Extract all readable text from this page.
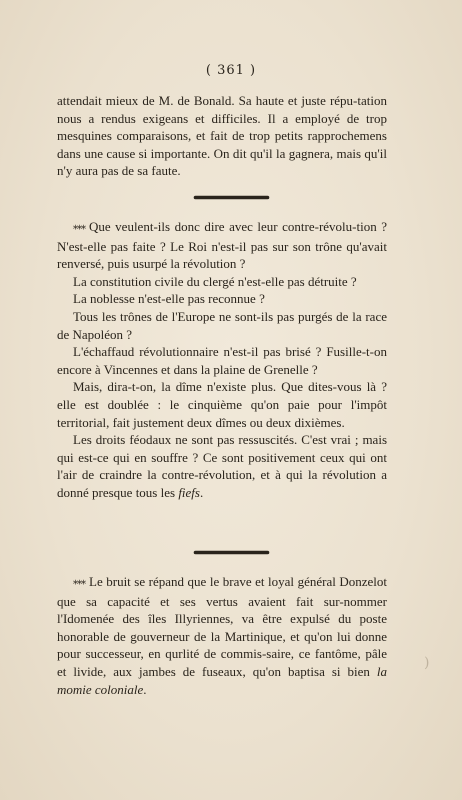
( 361 )

attendait mieux de M. de Bonald. Sa haute et juste répu-tation nous a rendus exigeans et difficiles. Il a employé de trop mesquines comparaisons, et fait de trop petits rapprochemens dans une cause si importante. On dit qu'il la gagnera, mais qu'il n'y aura pas de sa faute.

⁎⁎⁎ Que veulent-ils donc dire avec leur contre-révolu-tion ? N'est-elle pas faite ? Le Roi n'est-il pas sur son trône qu'avait renversé, puis usurpé la révolution ?

La constitution civile du clergé n'est-elle pas détruite ?

La noblesse n'est-elle pas reconnue ?

Tous les trônes de l'Europe ne sont-ils pas purgés de la race de Napoléon ?

L'échaffaud révolutionnaire n'est-il pas brisé ? Fusille-t-on encore à Vincennes et dans la plaine de Grenelle ?

Mais, dira-t-on, la dîme n'existe plus. Que dites-vous là ? elle est doublée : le cinquième qu'on paie pour l'impôt territorial, fait justement deux dîmes ou deux dixièmes.

Les droits féodaux ne sont pas ressuscités. C'est vrai ; mais qui est-ce qui en souffre ? Ce sont positivement ceux qui ont l'air de craindre la contre-révolution, et à qui la révolution a donné presque tous les fiefs.

⁎⁎⁎ Le bruit se répand que le brave et loyal général Donzelot que sa capacité et ses vertus avaient fait sur-nommer l'Idomenée des îles Illyriennes, va être expulsé du poste honorable de gouverneur de la Martinique, et qu'on lui donne pour successeur, en qurlité de commis-saire, ce fantôme, pâle et livide, aux jambes de fuseaux, qu'on baptisa si bien la momie coloniale.

)
